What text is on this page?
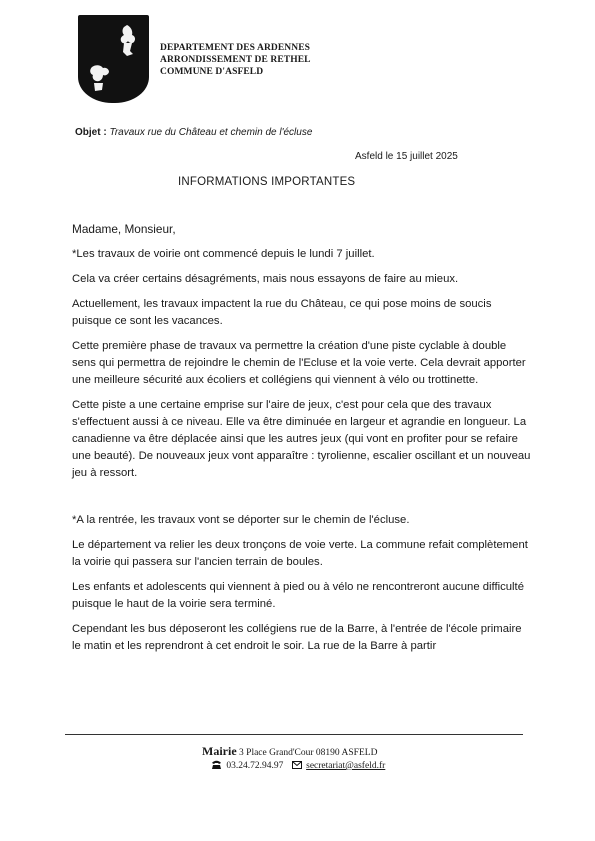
DEPARTEMENT DES ARDENNES
ARRONDISSEMENT DE RETHEL
COMMUNE D'ASFELD
Objet : Travaux rue du Château et chemin de l'écluse
Asfeld le 15 juillet 2025
INFORMATIONS IMPORTANTES

Madame, Monsieur,

*Les travaux de voirie ont commencé depuis le lundi 7 juillet.

Cela va créer certains désagréments, mais nous essayons de faire au mieux.

Actuellement, les travaux impactent la rue du Château, ce qui pose moins de soucis puisque ce sont les vacances.

Cette première phase de travaux va permettre la création d'une piste cyclable à double sens qui permettra de rejoindre le chemin de l'Ecluse et la voie verte. Cela devrait apporter une meilleure sécurité aux écoliers et collégiens qui viennent à vélo ou trottinette.

Cette piste a une certaine emprise sur l'aire de jeux, c'est pour cela que des travaux s'effectuent aussi à ce niveau. Elle va être diminuée en largeur et agrandie en longueur. La canadienne va être déplacée ainsi que les autres jeux (qui vont en profiter pour se refaire une beauté). De nouveaux jeux vont apparaître : tyrolienne, escalier oscillant et un nouveau jeu à ressort.

*A la rentrée, les travaux vont se déporter sur le chemin de l'écluse.

Le département va relier les deux tronçons de voie verte. La commune refait complètement la voirie qui passera sur l'ancien terrain de boules.

Les enfants et adolescents qui viennent à pied ou à vélo ne rencontreront aucune difficulté puisque le haut de la voirie sera terminé.

Cependant les bus déposeront les collégiens rue de la Barre, à l'entrée de l'école primaire le matin et les reprendront à cet endroit le soir. La rue de la Barre à partir

Mairie 3 Place Grand'Cour 08190 ASFELD
03.24.72.94.97 secretariat@asfeld.fr
